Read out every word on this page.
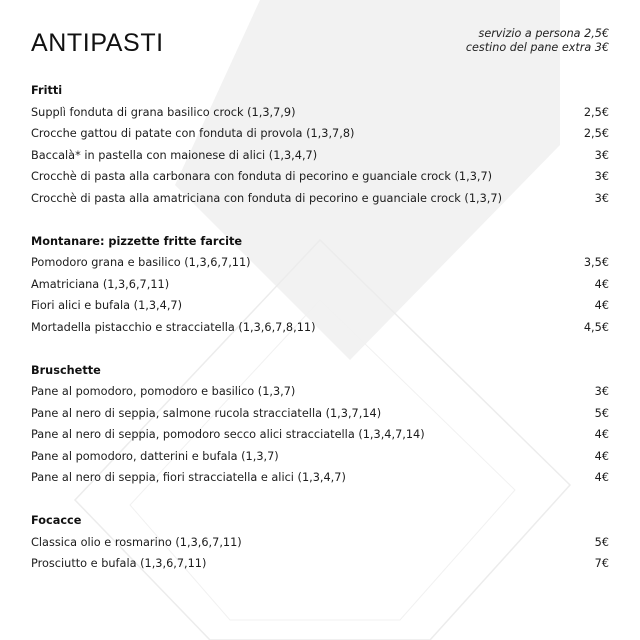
ANTIPASTI	servizio a persona 2,5€
cestino del pane extra 3€
Fritti
Supplì fonduta di grana basilico crock (1,3,7,9)	2,5€
Crocche gattou di patate con fonduta di provola (1,3,7,8)	2,5€
Baccalà* in pastella con maionese di alici (1,3,4,7)	3€
Crocchè di pasta alla carbonara con fonduta di pecorino e guanciale crock (1,3,7)	3€
Crocchè di pasta alla amatriciana con fonduta di pecorino e guanciale crock (1,3,7)	3€
Montanare: pizzette fritte farcite
Pomodoro grana e basilico (1,3,6,7,11)	3,5€
Amatriciana (1,3,6,7,11)	4€
Fiori alici e bufala (1,3,4,7)	4€
Mortadella pistacchio e stracciatella (1,3,6,7,8,11)	4,5€
Bruschette
Pane al pomodoro, pomodoro e basilico (1,3,7)	3€
Pane al nero di seppia, salmone rucola stracciatella (1,3,7,14)	5€
Pane al nero di seppia, pomodoro secco alici stracciatella (1,3,4,7,14)	4€
Pane al pomodoro, datterini e bufala (1,3,7)	4€
Pane al nero di seppia, fiori stracciatella e alici (1,3,4,7)	4€
Focacce
Classica olio e rosmarino (1,3,6,7,11)	5€
Prosciutto e bufala (1,3,6,7,11)	7€
